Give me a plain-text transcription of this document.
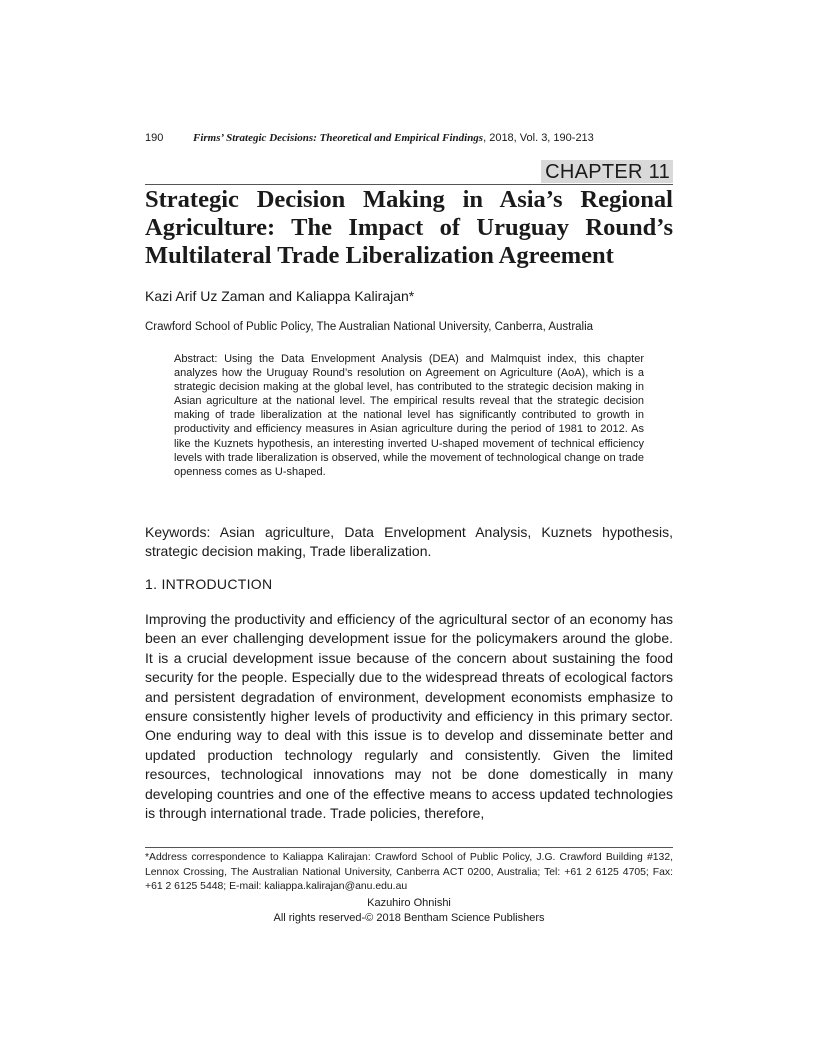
190	Firms’ Strategic Decisions: Theoretical and Empirical Findings, 2018, Vol. 3, 190-213
CHAPTER 11
Strategic Decision Making in Asia’s Regional Agriculture: The Impact of Uruguay Round’s Multilateral Trade Liberalization Agreement
Kazi Arif Uz Zaman and Kaliappa Kalirajan*
Crawford School of Public Policy, The Australian National University, Canberra, Australia

Abstract: Using the Data Envelopment Analysis (DEA) and Malmquist index, this chapter analyzes how the Uruguay Round’s resolution on Agreement on Agriculture (AoA), which is a strategic decision making at the global level, has contributed to the strategic decision making in Asian agriculture at the national level. The empirical results reveal that the strategic decision making of trade liberalization at the national level has significantly contributed to growth in productivity and efficiency measures in Asian agriculture during the period of 1981 to 2012. As like the Kuznets hypothesis, an interesting inverted U-shaped movement of technical efficiency levels with trade liberalization is observed, while the movement of technological change on trade openness comes as U-shaped.

Keywords: Asian agriculture, Data Envelopment Analysis, Kuznets hypothesis, strategic decision making, Trade liberalization.

1. INTRODUCTION

Improving the productivity and efficiency of the agricultural sector of an economy has been an ever challenging development issue for the policymakers around the globe. It is a crucial development issue because of the concern about sustaining the food security for the people. Especially due to the widespread threats of ecological factors and persistent degradation of environment, development economists emphasize to ensure consistently higher levels of productivity and efficiency in this primary sector. One enduring way to deal with this issue is to develop and disseminate better and updated production technology regularly and consistently. Given the limited resources, technological innovations may not be done domestically in many developing countries and one of the effective means to access updated technologies is through international trade. Trade policies, therefore,

*Address correspondence to Kaliappa Kalirajan: Crawford School of Public Policy, J.G. Crawford Building #132, Lennox Crossing, The Australian National University, Canberra ACT 0200, Australia; Tel: +61 2 6125 4705; Fax: +61 2 6125 5448; E-mail: kaliappa.kalirajan@anu.edu.au

Kazuhiro Ohnishi
All rights reserved-© 2018 Bentham Science Publishers
